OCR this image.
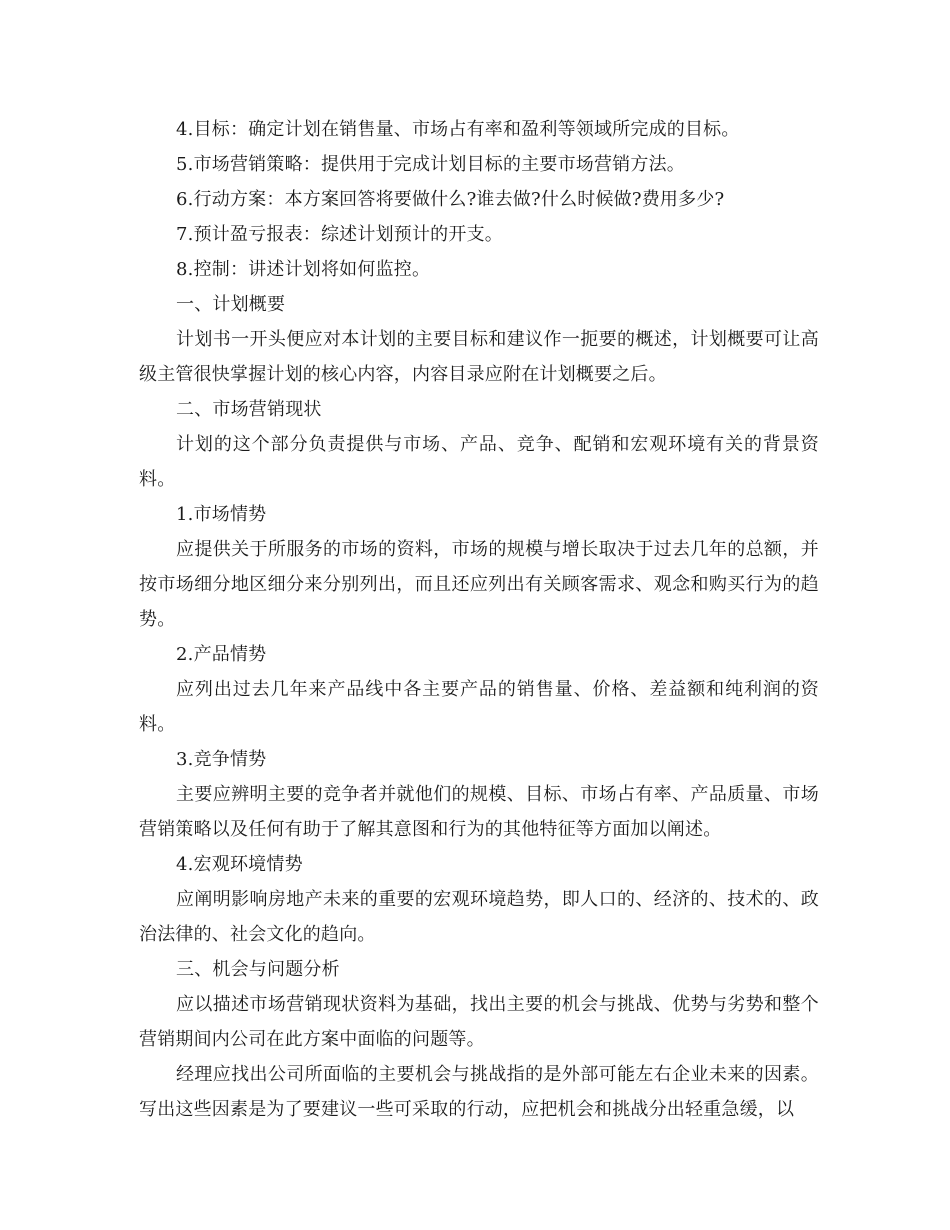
4.目标：确定计划在销售量、市场占有率和盈利等领域所完成的目标。

5.市场营销策略：提供用于完成计划目标的主要市场营销方法。

6.行动方案：本方案回答将要做什么?谁去做?什么时候做?费用多少?

7.预计盈亏报表：综述计划预计的开支。

8.控制：讲述计划将如何监控。

一、计划概要

计划书一开头便应对本计划的主要目标和建议作一扼要的概述，计划概要可让高级主管很快掌握计划的核心内容，内容目录应附在计划概要之后。

二、市场营销现状

计划的这个部分负责提供与市场、产品、竞争、配销和宏观环境有关的背景资料。

1.市场情势

应提供关于所服务的市场的资料，市场的规模与增长取决于过去几年的总额，并按市场细分地区细分来分别列出，而且还应列出有关顾客需求、观念和购买行为的趋势。

2.产品情势

应列出过去几年来产品线中各主要产品的销售量、价格、差益额和纯利润的资料。

3.竞争情势

主要应辨明主要的竞争者并就他们的规模、目标、市场占有率、产品质量、市场营销策略以及任何有助于了解其意图和行为的其他特征等方面加以阐述。

4.宏观环境情势

应阐明影响房地产未来的重要的宏观环境趋势，即人口的、经济的、技术的、政治法律的、社会文化的趋向。

三、机会与问题分析

应以描述市场营销现状资料为基础，找出主要的机会与挑战、优势与劣势和整个营销期间内公司在此方案中面临的问题等。

经理应找出公司所面临的主要机会与挑战指的是外部可能左右企业未来的因素。写出这些因素是为了要建议一些可采取的行动，应把机会和挑战分出轻重急缓，以
